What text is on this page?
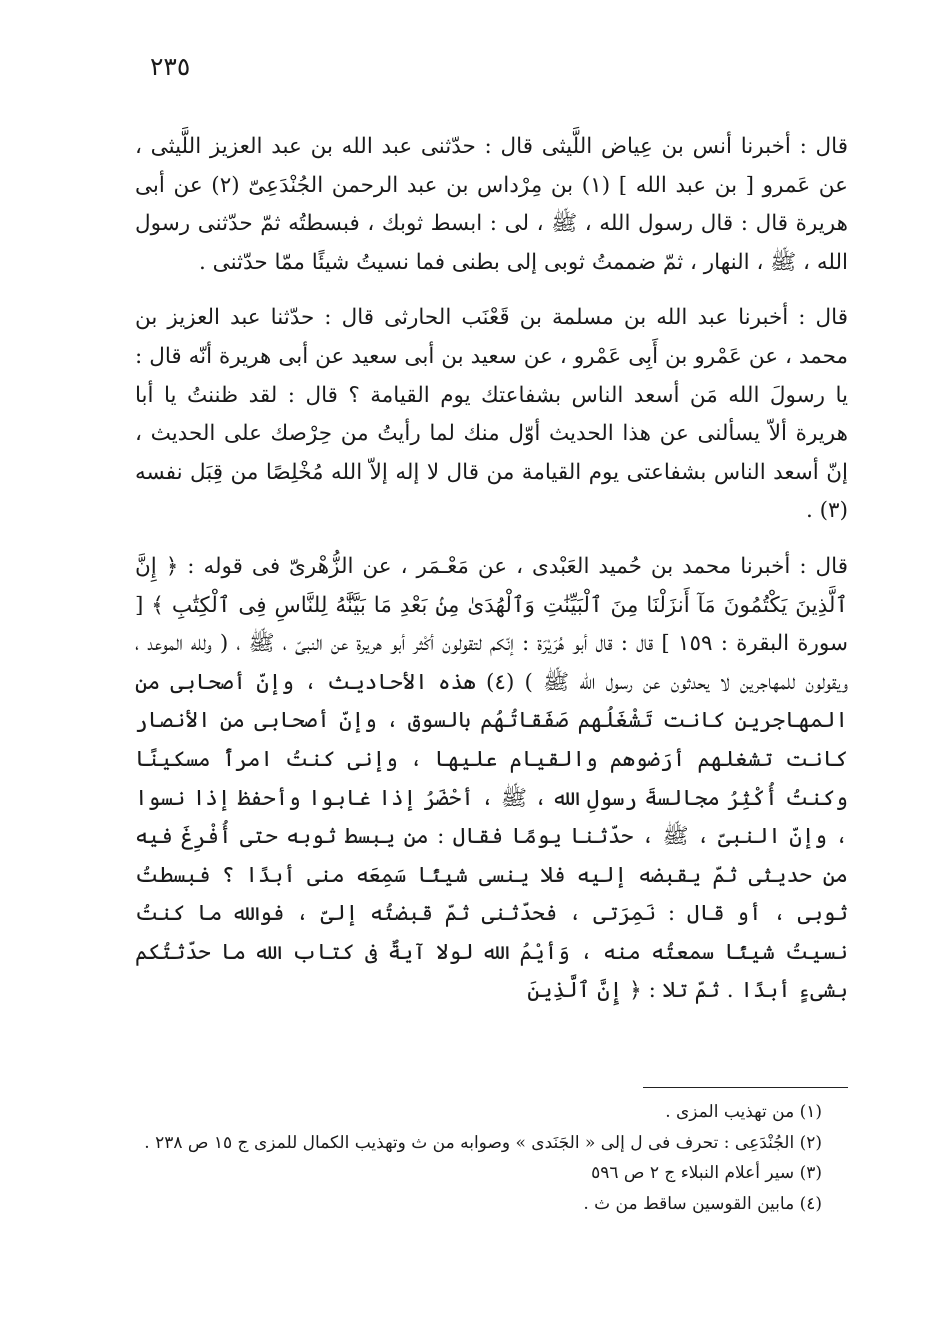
٢٣٥

قال : أخبرنا أنس بن عِياض اللَّيثى قال : حدّثنى عبد الله بن عبد العزيز اللَّيثى ، عن عَمرو [ بن عبد الله ] (١) بن مِرْداس بن عبد الرحمن الجُنْدَعِىّ (٢) عن أبى هريرة قال : قال رسول الله ، ﷺ ، لى : ابسط ثوبك ، فبسطتُه ثمّ حدّثنى رسول الله ، ﷺ ، النهار ، ثمّ ضممتُ ثوبى إلى بطنى فما نسيتُ شيئًا ممّا حدّثنى .

قال : أخبرنا عبد الله بن مسلمة بن قَعْنَب الحارثى قال : حدّثنا عبد العزيز بن محمد ، عن عَمْرو بن أَبِى عَمْرو ، عن سعيد بن أبى سعيد عن أبى هريرة أنّه قال : يا رسولَ الله مَن أسعد الناس بشفاعتك يوم القيامة ؟ قال : لقد ظننتُ يا أبا هريرة ألاّ يسألنى عن هذا الحديث أوّل منك لما رأيتُ من حِرْصك على الحديث ، إنّ أسعد الناس بشفاعتى يوم القيامة من قال لا إله إلاّ الله مُخْلِصًا من قِبَل نفسه (٣) .

قال : أخبرنا محمد بن حُميد العَبْدى ، عن مَعْـمَر ، عن الزُّهْرىّ فى قوله : ﴿ إِنَّ ٱلَّذِينَ يَكْتُمُونَ مَآ أَنزَلْنَا مِنَ ٱلْبَيِّنَٰتِ وَٱلْهُدَىٰ مِنۢ بَعْدِ مَا بَيَّنَّٰهُ لِلنَّاسِ فِى ٱلْكِتَٰبِ ﴾ [ سورة البقرة : ١٥٩ ] قال : قال أبو هُرَيْرَة : إنّكم لتقولون أكْثر أبو هريرة عن النبىّ ، ﷺ ، ( ولله الموعد ، ويقولون للمهاجرين لا يحدثون عن رسول الله ﷺ ) (٤) هذه الأحاديث ، وإنّ أصحابى من المهاجرين كانت تَشْغَلُهم صَفَقاتُهُم بالسوق ، وإنّ أصحابى من الأنصار كانت تشغلهم أرَضوهم والقيام عليها ، وإنى كنتُ امرأً مسكينًا وكنتُ أُكْثِرُ مجالسةَ رسولِ الله ، ﷺ ، أحْضَرُ إذا غابوا وأحفظ إذا نسوا ، وإنّ النبىّ ، ﷺ ، حدّثنا يومًا فقال : من يبسط ثوبه حتى أُفْرِغَ فيه من حديثى ثمّ يقبضه إليه فلا ينسى شيئًا سَمِعَه منى أبدًا ؟ فبسطتُ ثوبى ، أو قال : نَمِرَتى ، فحدّثنى ثمّ قبضتُه إلىّ ، فوالله ما كنتُ نسيتُ شيئًا سمعتُه منه ، وَأيْمُ الله لولا آيةٌ فى كتاب الله ما حدّثتُكم بشىءٍ أبدًا . ثمّ تلا : ﴿ إِنَّ ٱلَّذِينَ

(١) من تهذيب المزى .

(٢) الجُنْدَعِى : تحرف فى ل إلى « الجَنَدى » وصوابه من ث وتهذيب الكمال للمزى ج ١٥ ص ٢٣٨ .

(٣) سير أعلام النبلاء ج ٢ ص ٥٩٦

(٤) مابين القوسين ساقط من ث .
